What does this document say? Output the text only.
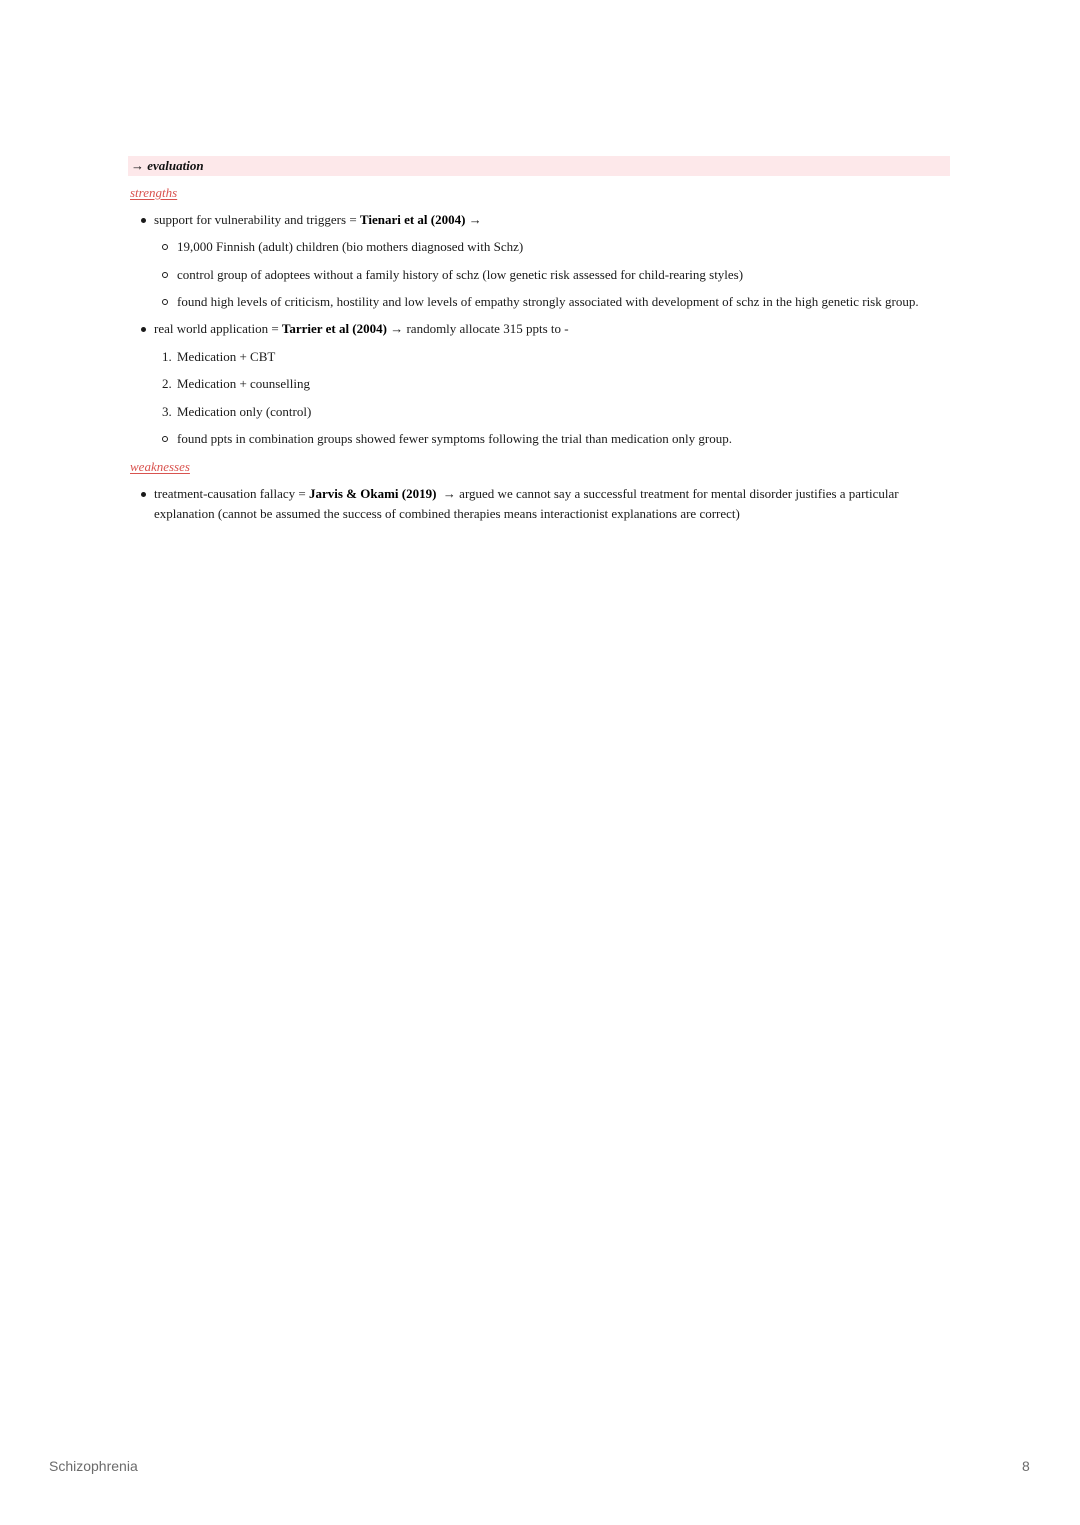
→ evaluation
strengths
support for vulnerability and triggers = Tienari et al (2004) →
19,000 Finnish (adult) children (bio mothers diagnosed with Schz)
control group of adoptees without a family history of schz (low genetic risk assessed for child-rearing styles)
found high levels of criticism, hostility and low levels of empathy strongly associated with development of schz in the high genetic risk group.
real world application = Tarrier et al (2004) → randomly allocate 315 ppts to -
1. Medication + CBT
2. Medication + counselling
3. Medication only (control)
found ppts in combination groups showed fewer symptoms following the trial than medication only group.
weaknesses
treatment-causation fallacy = Jarvis & Okami (2019)  → argued we cannot say a successful treatment for mental disorder justifies a particular
explanation (cannot be assumed the success of combined therapies means interactionist explanations are correct)
Schizophrenia	8
